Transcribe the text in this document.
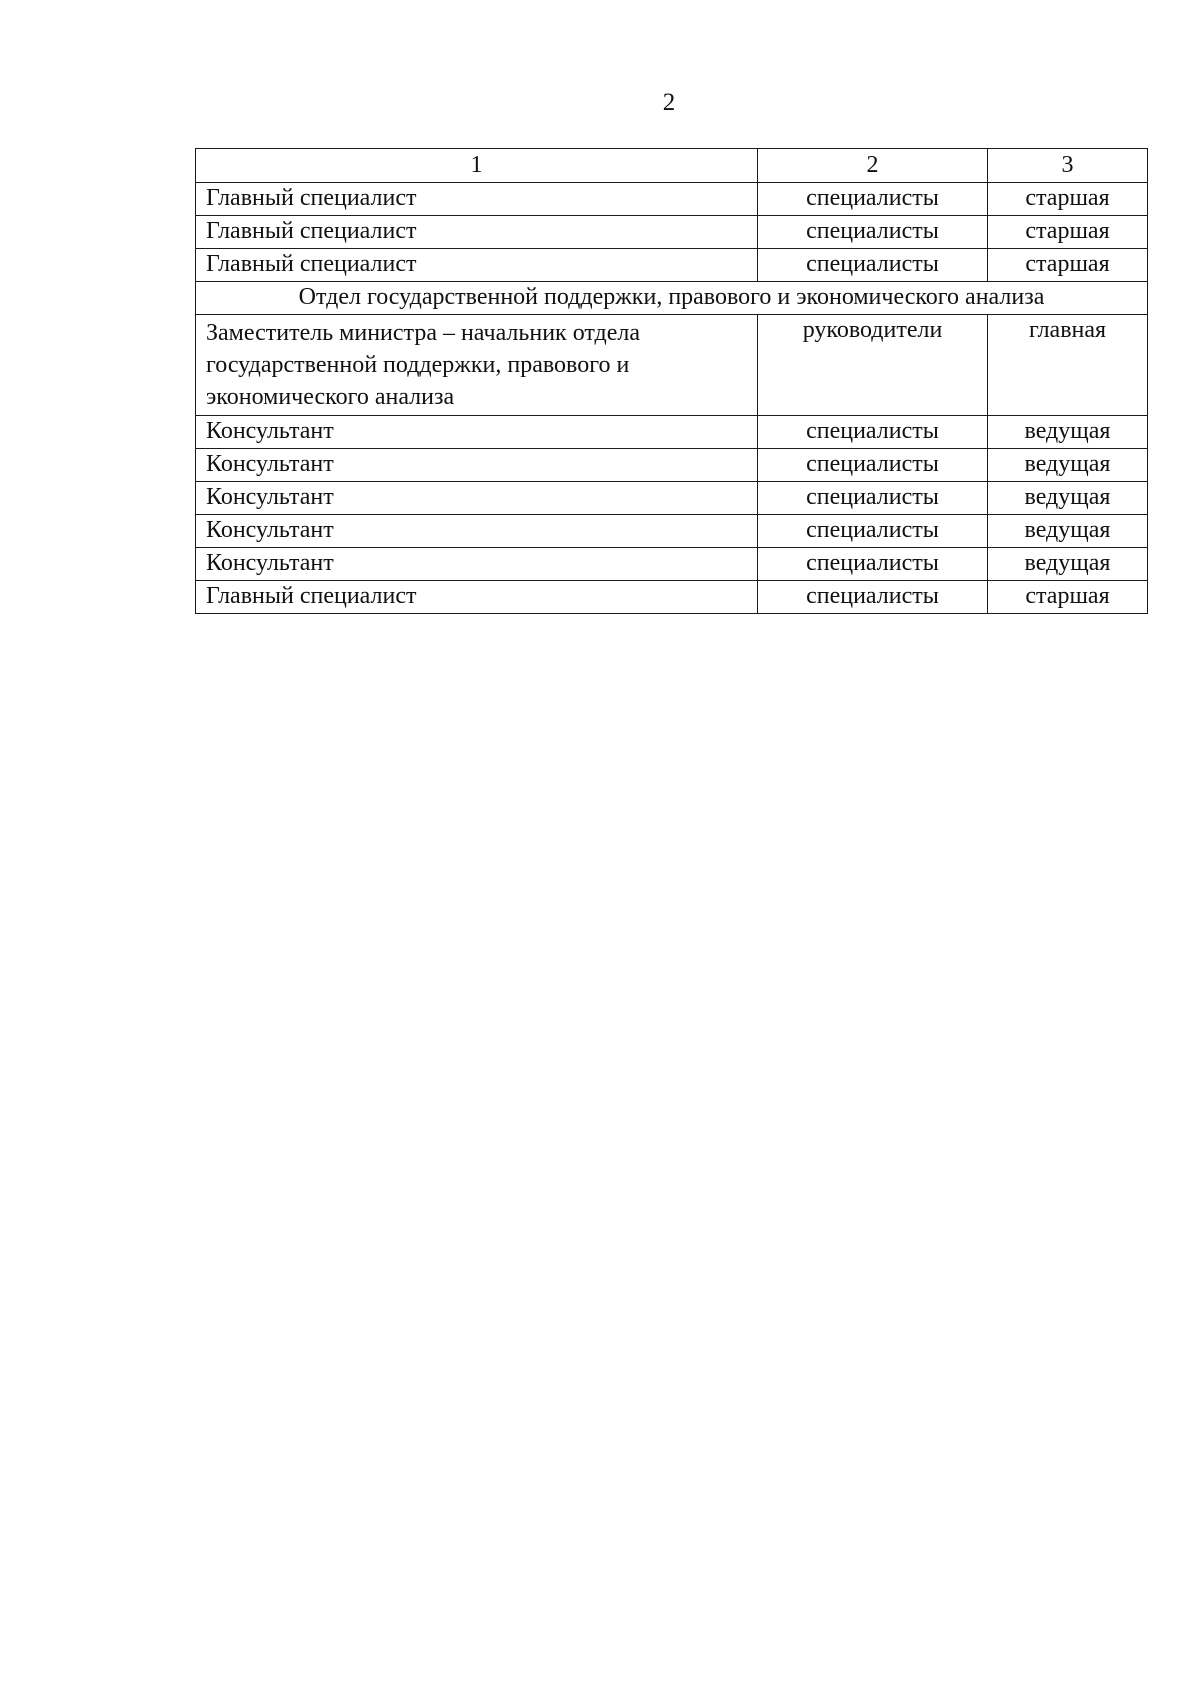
2
1	2	3
Главный специалист	специалисты	старшая
Главный специалист	специалисты	старшая
Главный специалист	специалисты	старшая
Отдел государственной поддержки, правового и экономического анализа		
Заместитель министра – начальник отдела государственной поддержки, правового и экономического анализа	руководители	главная
Консультант	специалисты	ведущая
Консультант	специалисты	ведущая
Консультант	специалисты	ведущая
Консультант	специалисты	ведущая
Консультант	специалисты	ведущая
Главный специалист	специалисты	старшая
